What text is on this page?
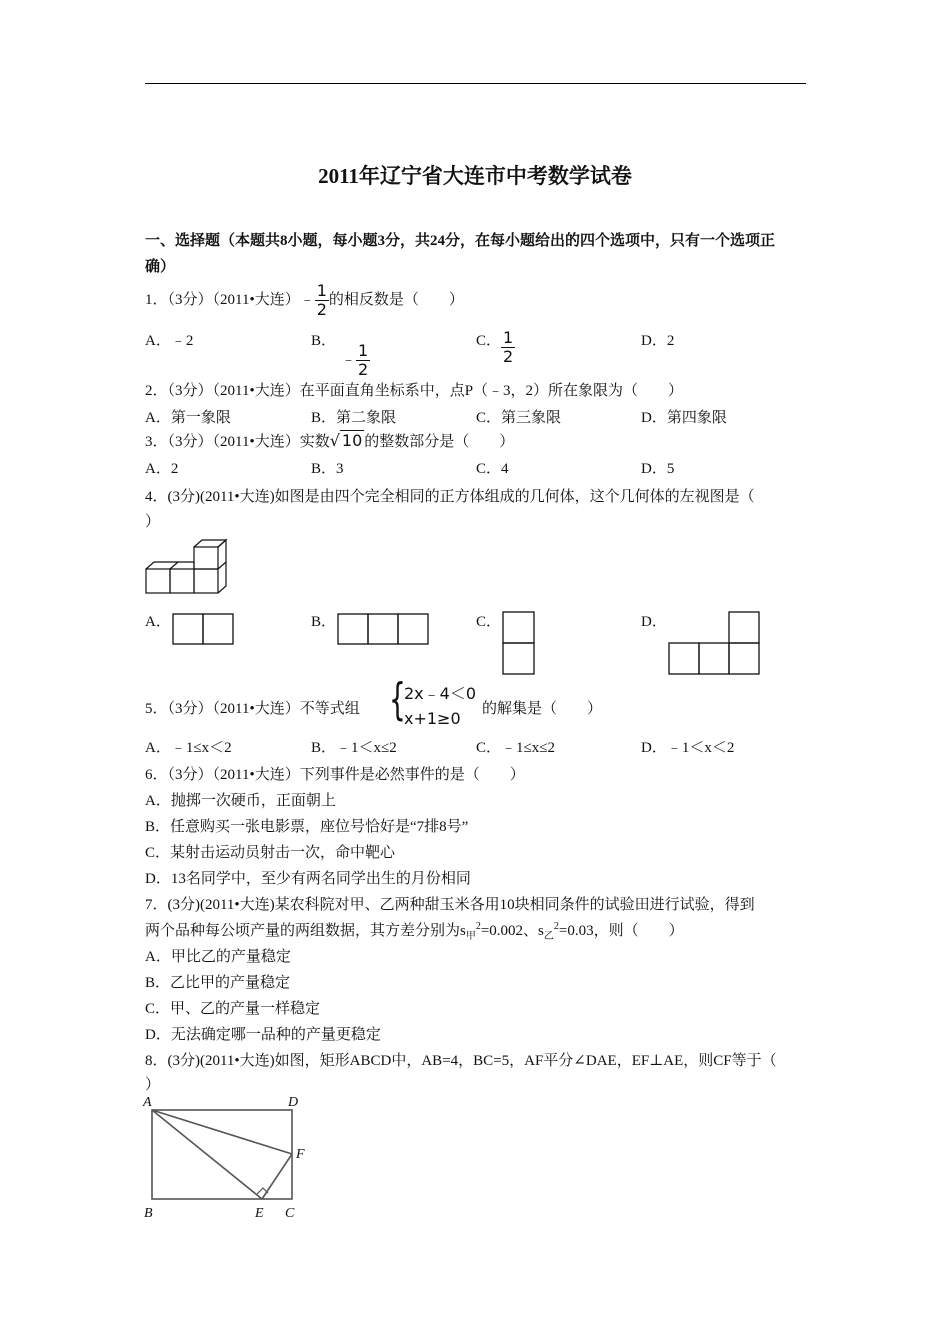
2011年辽宁省大连市中考数学试卷
一、选择题（本题共8小题，每小题3分，共24分，在每小题给出的四个选项中，只有一个选项正
确）
1．（3分）（2011•大连）﹣ $\frac{1}{2}$ 的相反数是（　　）
A．﹣2	B．
﹣ $\frac{1}{2}$
C． $\frac{1}{2}$	D．2
2．（3分）（2011•大连）在平面直角坐标系中，点P（﹣3，2）所在象限为（　　）
A．第一象限	B．第二象限	C．第三象限	D．第四象限
3．（3分）（2011•大连）实数√ 10 的整数部分是（　　）
A．2	B．3	C．4	D．5
4．(3分)(2011•大连)如图是由四个完全相同的正方体组成的几何体，这个几何体的左视图是（
）
A．	B．	C．	D．
5．（3分）（2011•大连）不等式组 {
2x﹣4＜0
x+1≥0 的解集是（　　）
A．﹣1≤x＜2	B．﹣1＜x≤2	C．﹣1≤x≤2	D．﹣1＜x＜2
6．（3分）（2011•大连）下列事件是必然事件的是（　　）
A．抛掷一次硬币，正面朝上
B．任意购买一张电影票，座位号恰好是“7排8号”
C．某射击运动员射击一次，命中靶心
D．13名同学中，至少有两名同学出生的月份相同
7．(3分)(2011•大连)某农科院对甲、乙两种甜玉米各用10块相同条件的试验田进行试验，得到
两个品种每公顷产量的两组数据，其方差分别为$s_甲^2=0.002$、$s_乙^2=0.03$，则（　　）
A．甲比乙的产量稳定
B．乙比甲的产量稳定
C．甲、乙的产量一样稳定
D．无法确定哪一品种的产量更稳定
8．(3分)(2011•大连)如图，矩形ABCD中，AB=4，BC=5，AF平分∠DAE，EF⊥AE，则CF等于（
）
A	D
F
B	E C
